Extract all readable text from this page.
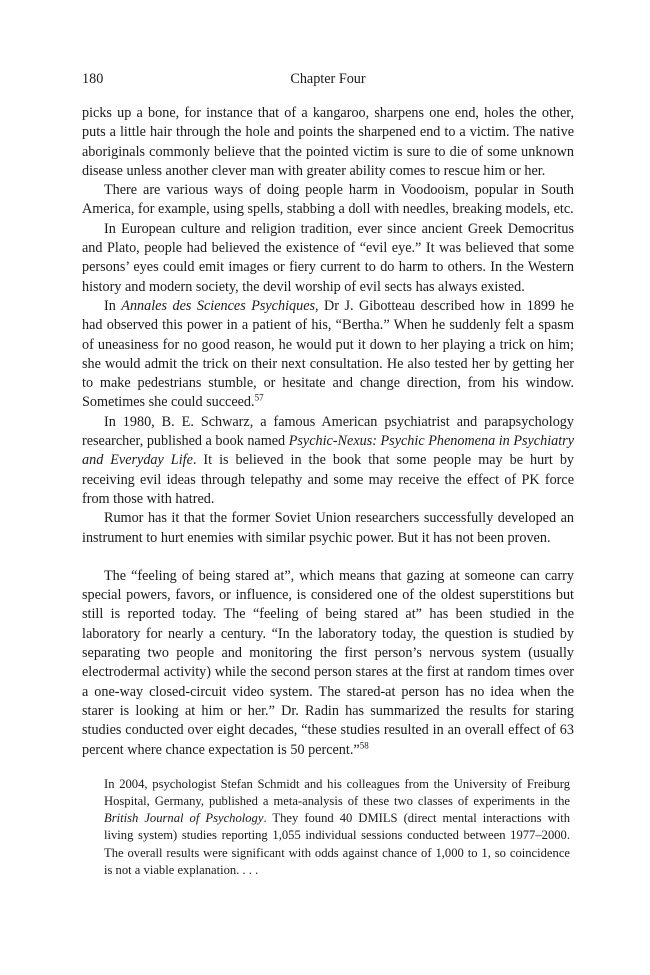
180	Chapter Four

picks up a bone, for instance that of a kangaroo, sharpens one end, holes the other, puts a little hair through the hole and points the sharpened end to a victim. The native aboriginals commonly believe that the pointed victim is sure to die of some unknown disease unless another clever man with greater ability comes to rescue him or her.

There are various ways of doing people harm in Voodooism, popular in South America, for example, using spells, stabbing a doll with needles, breaking models, etc.

In European culture and religion tradition, ever since ancient Greek Democritus and Plato, people had believed the existence of “evil eye.” It was believed that some persons’ eyes could emit images or fiery current to do harm to others. In the Western history and modern society, the devil worship of evil sects has always existed.

In Annales des Sciences Psychiques, Dr J. Gibotteau described how in 1899 he had observed this power in a patient of his, “Bertha.” When he suddenly felt a spasm of uneasiness for no good reason, he would put it down to her playing a trick on him; she would admit the trick on their next consultation. He also tested her by getting her to make pedestrians stumble, or hesitate and change direction, from his window. Sometimes she could succeed.$^{57}$

In 1980, B. E. Schwarz, a famous American psychiatrist and parapsychology researcher, published a book named Psychic-Nexus: Psychic Phenomena in Psychiatry and Everyday Life. It is believed in the book that some people may be hurt by receiving evil ideas through telepathy and some may receive the effect of PK force from those with hatred.

Rumor has it that the former Soviet Union researchers successfully developed an instrument to hurt enemies with similar psychic power. But it has not been proven.

The “feeling of being stared at”, which means that gazing at someone can carry special powers, favors, or influence, is considered one of the oldest superstitions but still is reported today. The “feeling of being stared at” has been studied in the laboratory for nearly a century. “In the laboratory today, the question is studied by separating two people and monitoring the first person’s nervous system (usually electrodermal activity) while the second person stares at the first at random times over a one-way closed-circuit video system. The stared-at person has no idea when the starer is looking at him or her.” Dr. Radin has summarized the results for staring studies conducted over eight decades, “these studies resulted in an overall effect of 63 percent where chance expectation is 50 percent.”$^{58}$

In 2004, psychologist Stefan Schmidt and his colleagues from the University of Freiburg Hospital, Germany, published a meta-analysis of these two classes of experiments in the British Journal of Psychology. They found 40 DMILS (direct mental interactions with living system) studies reporting 1,055 individual sessions conducted between 1977–2000. The overall results were significant with odds against chance of 1,000 to 1, so coincidence is not a viable explanation. . . .
